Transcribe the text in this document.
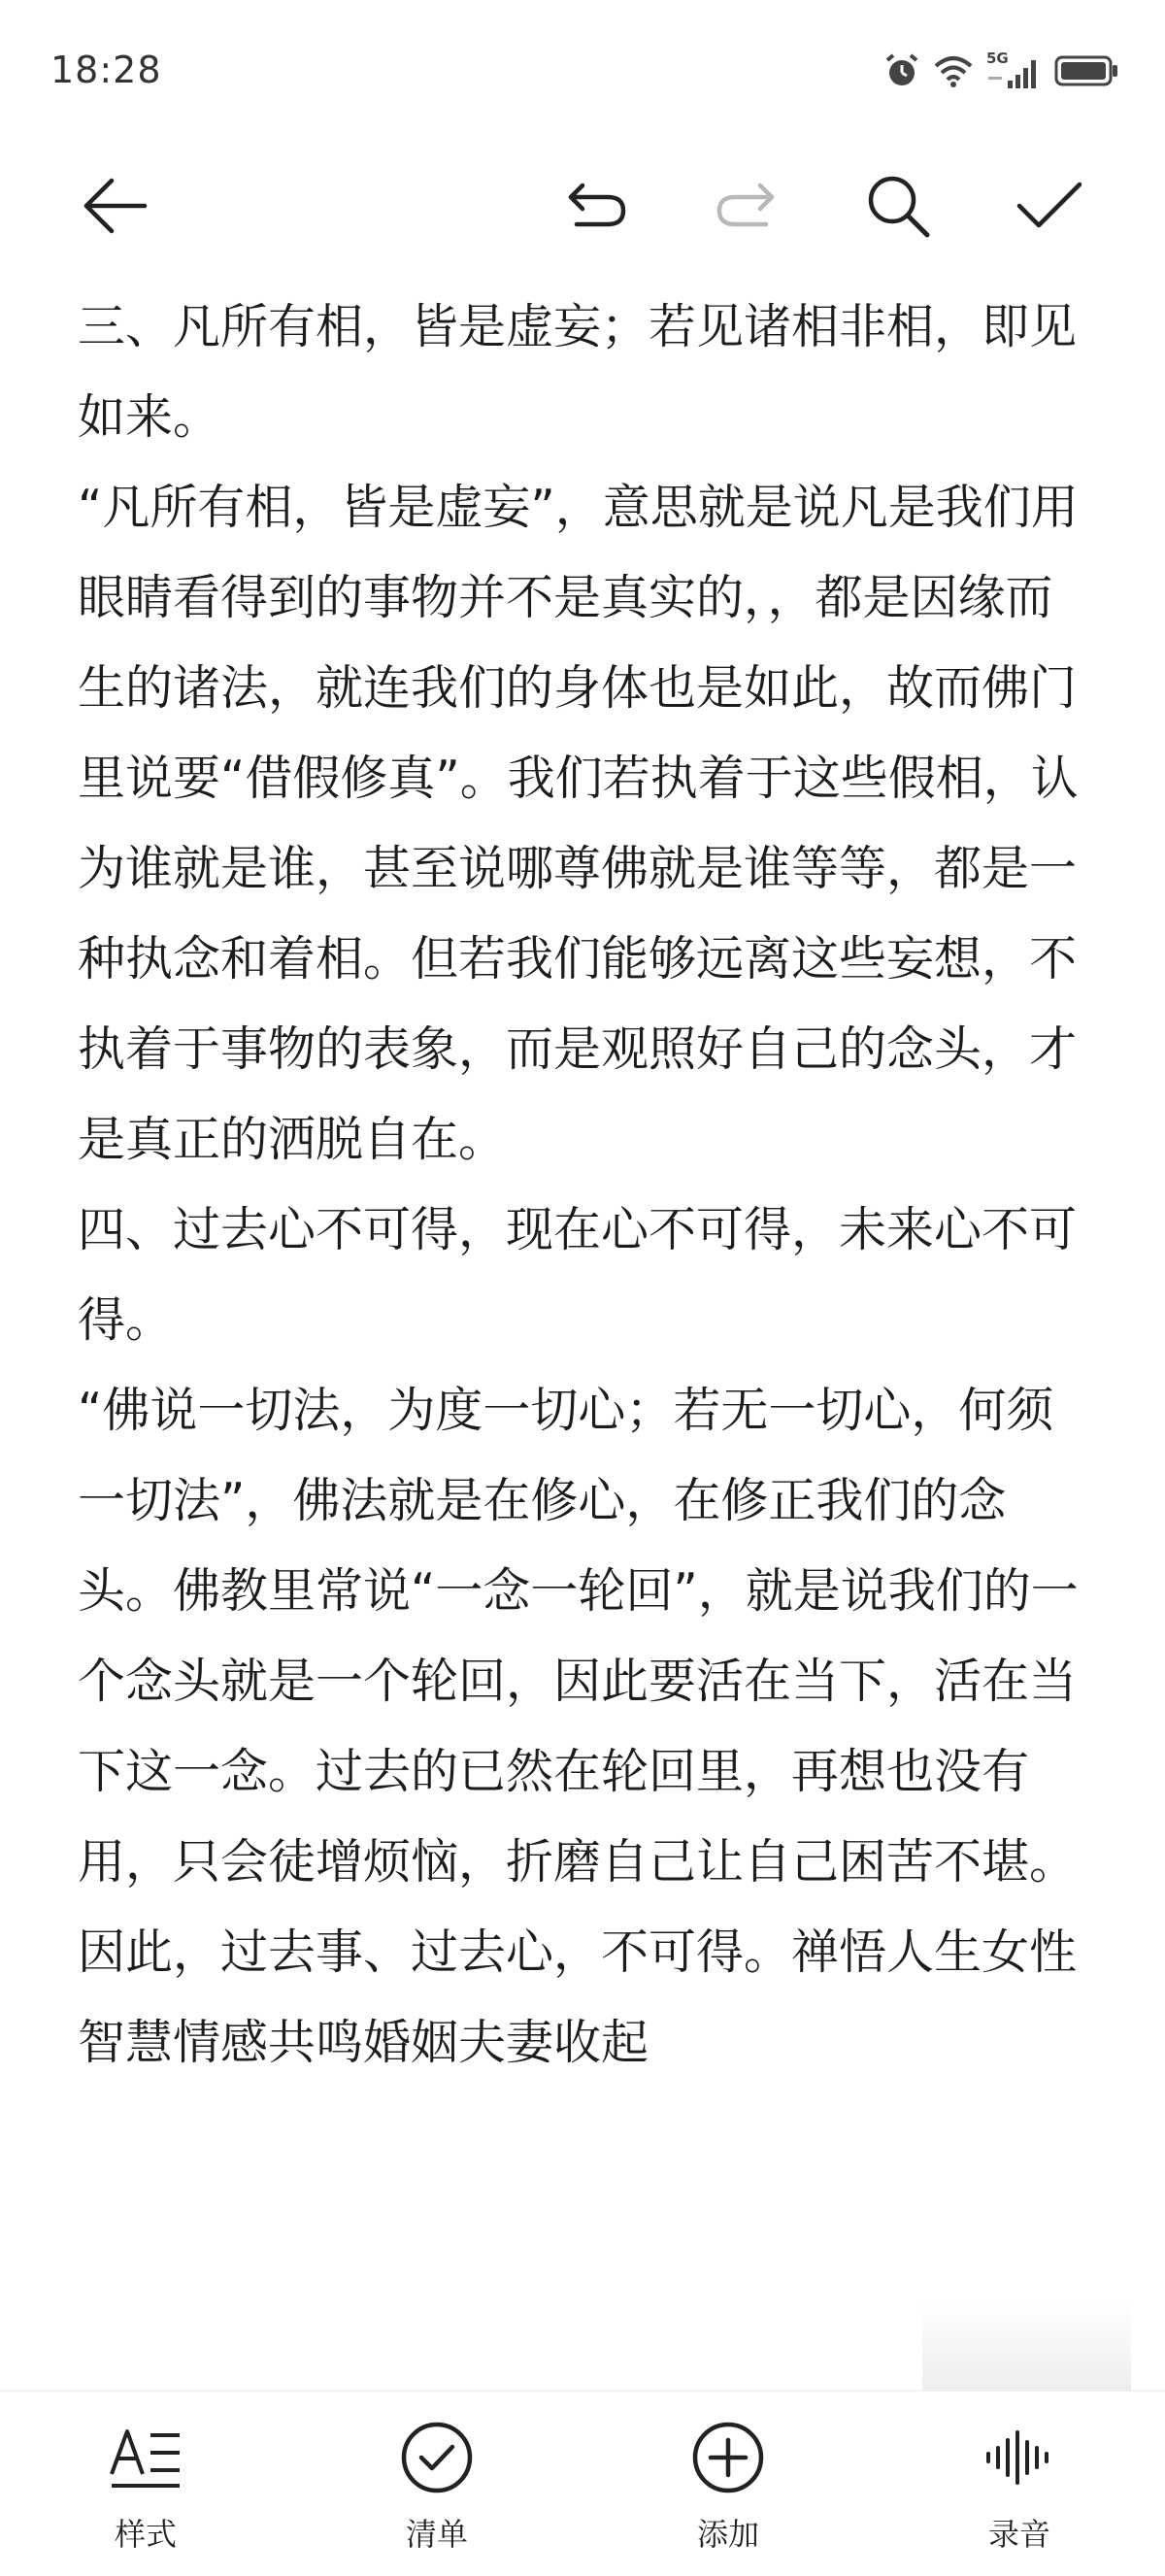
18:28	5G

三、凡所有相，皆是虚妄；若见诸相非相，即见如来。

“凡所有相，皆是虚妄”，意思就是说凡是我们用眼睛看得到的事物并不是真实的，，都是因缘而生的诸法，就连我们的身体也是如此，故而佛门里说要“借假修真”。我们若执着于这些假相，认为谁就是谁，甚至说哪尊佛就是谁等等，都是一种执念和着相。但若我们能够远离这些妄想，不执着于事物的表象，而是观照好自己的念头，才是真正的洒脱自在。

四、过去心不可得，现在心不可得，未来心不可得。

“佛说一切法，为度一切心；若无一切心，何须一切法”，佛法就是在修心，在修正我们的念头。佛教里常说“一念一轮回”，就是说我们的一个念头就是一个轮回，因此要活在当下，活在当下这一念。过去的已然在轮回里，再想也没有用，只会徒增烦恼，折磨自己让自己困苦不堪。因此，过去事、过去心，不可得。禅悟人生女性智慧情感共鸣婚姻夫妻收起

样式	清单	添加	录音
